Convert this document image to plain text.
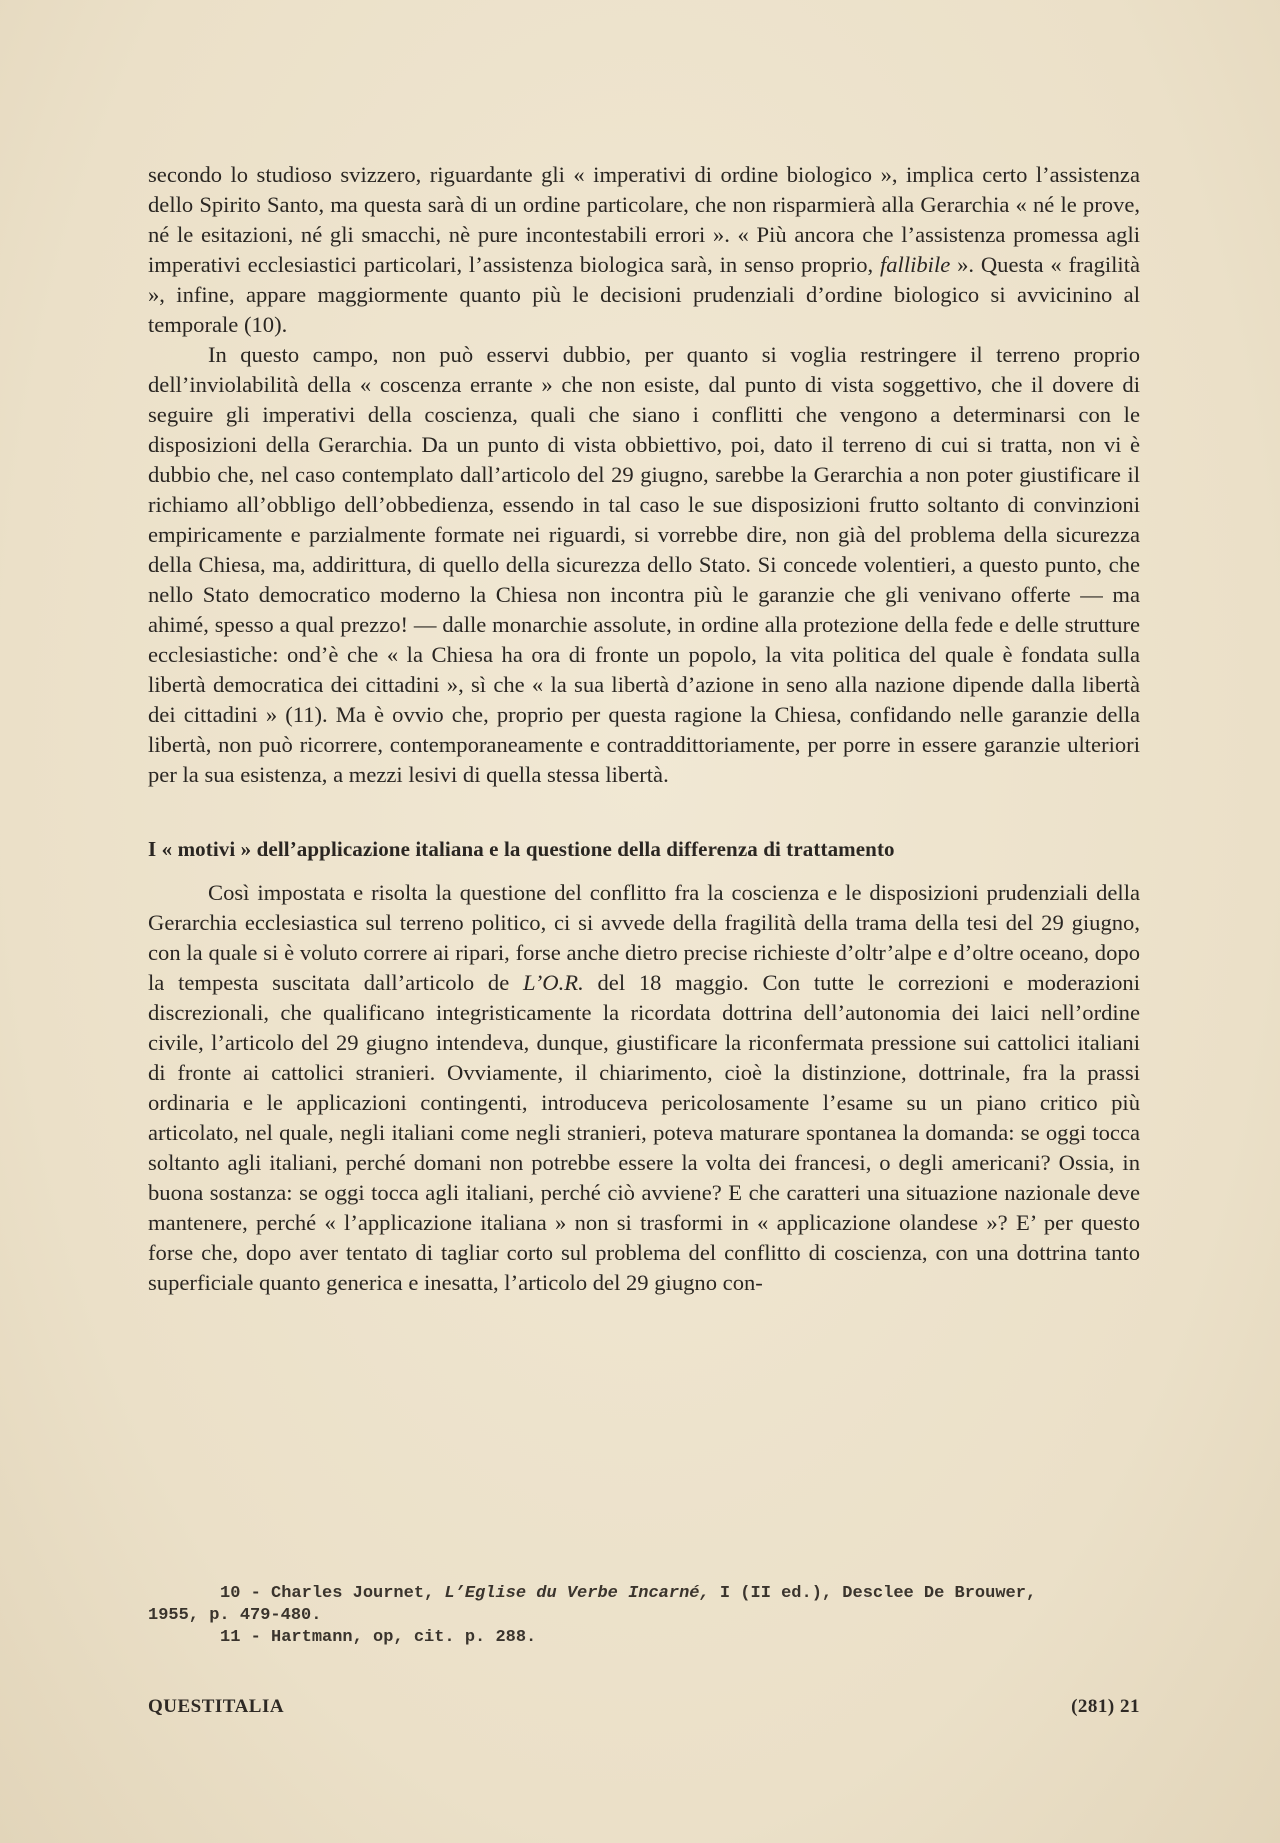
secondo lo studioso svizzero, riguardante gli « imperativi di ordine biologico », implica certo l’assistenza dello Spirito Santo, ma questa sarà di un ordine particolare, che non risparmierà alla Gerarchia « né le prove, né le esitazioni, né gli smacchi, nè pure incontestabili errori ». « Più ancora che l’assistenza promessa agli imperativi ecclesiastici particolari, l’assistenza biologica sarà, in senso proprio, fallibile ». Questa « fragilità », infine, appare maggiormente quanto più le decisioni prudenziali d’ordine biologico si avvicinino al temporale (10).

In questo campo, non può esservi dubbio, per quanto si voglia restringere il terreno proprio dell’inviolabilità della « coscenza errante » che non esiste, dal punto di vista soggettivo, che il dovere di seguire gli imperativi della coscienza, quali che siano i conflitti che vengono a determinarsi con le disposizioni della Gerarchia. Da un punto di vista obbiettivo, poi, dato il terreno di cui si tratta, non vi è dubbio che, nel caso contemplato dall’articolo del 29 giugno, sarebbe la Gerarchia a non poter giustificare il richiamo all’obbligo dell’obbedienza, essendo in tal caso le sue disposizioni frutto soltanto di convinzioni empiricamente e parzialmente formate nei riguardi, si vorrebbe dire, non già del problema della sicurezza della Chiesa, ma, addirittura, di quello della sicurezza dello Stato. Si concede volentieri, a questo punto, che nello Stato democratico moderno la Chiesa non incontra più le garanzie che gli venivano offerte — ma ahimé, spesso a qual prezzo! — dalle monarchie assolute, in ordine alla protezione della fede e delle strutture ecclesiastiche: ond’è che « la Chiesa ha ora di fronte un popolo, la vita politica del quale è fondata sulla libertà democratica dei cittadini », sì che « la sua libertà d’azione in seno alla nazione dipende dalla libertà dei cittadini » (11). Ma è ovvio che, proprio per questa ragione la Chiesa, confidando nelle garanzie della libertà, non può ricorrere, contemporaneamente e contraddittoriamente, per porre in essere garanzie ulteriori per la sua esistenza, a mezzi lesivi di quella stessa libertà.

I « motivi » dell’applicazione italiana e la questione della differenza di trattamento

Così impostata e risolta la questione del conflitto fra la coscienza e le disposizioni prudenziali della Gerarchia ecclesiastica sul terreno politico, ci si avvede della fragilità della trama della tesi del 29 giugno, con la quale si è voluto correre ai ripari, forse anche dietro precise richieste d’oltr’alpe e d’oltre oceano, dopo la tempesta suscitata dall’articolo de L’O.R. del 18 maggio. Con tutte le correzioni e moderazioni discrezionali, che qualificano integristicamente la ricordata dottrina dell’autonomia dei laici nell’ordine civile, l’articolo del 29 giugno intendeva, dunque, giustificare la riconfermata pressione sui cattolici italiani di fronte ai cattolici stranieri. Ovviamente, il chiarimento, cioè la distinzione, dottrinale, fra la prassi ordinaria e le applicazioni contingenti, introduceva pericolosamente l’esame su un piano critico più articolato, nel quale, negli italiani come negli stranieri, poteva maturare spontanea la domanda: se oggi tocca soltanto agli italiani, perché domani non potrebbe essere la volta dei francesi, o degli americani? Ossia, in buona sostanza: se oggi tocca agli italiani, perché ciò avviene? E che caratteri una situazione nazionale deve mantenere, perché « l’applicazione italiana » non si trasformi in « applicazione olandese »? E’ per questo forse che, dopo aver tentato di tagliar corto sul problema del conflitto di coscienza, con una dottrina tanto superficiale quanto generica e inesatta, l’articolo del 29 giugno con-

10 - Charles Journet, L’Eglise du Verbe Incarné, I (II ed.), Desclee De Brouwer,

1955, p. 479-480.

11 - Hartmann, op, cit. p. 288.

QUESTITALIA	(281) 21
